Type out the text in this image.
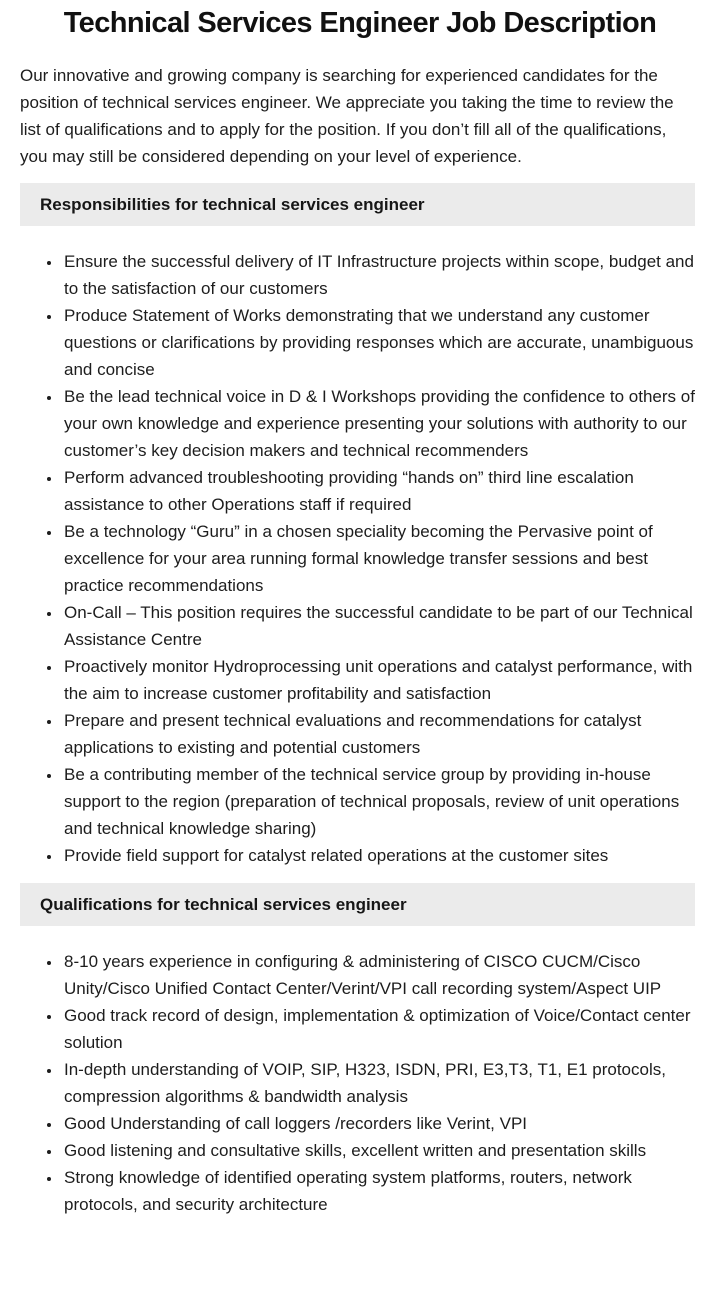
Technical Services Engineer Job Description

Our innovative and growing company is searching for experienced candidates for the position of technical services engineer. We appreciate you taking the time to review the list of qualifications and to apply for the position. If you don’t fill all of the qualifications, you may still be considered depending on your level of experience.

Responsibilities for technical services engineer
• Ensure the successful delivery of IT Infrastructure projects within scope, budget and to the satisfaction of our customers
• Produce Statement of Works demonstrating that we understand any customer questions or clarifications by providing responses which are accurate, unambiguous and concise
• Be the lead technical voice in D & I Workshops providing the confidence to others of your own knowledge and experience presenting your solutions with authority to our customer’s key decision makers and technical recommenders
• Perform advanced troubleshooting providing “hands on” third line escalation assistance to other Operations staff if required
• Be a technology “Guru” in a chosen speciality becoming the Pervasive point of excellence for your area running formal knowledge transfer sessions and best practice recommendations
• On-Call – This position requires the successful candidate to be part of our Technical Assistance Centre
• Proactively monitor Hydroprocessing unit operations and catalyst performance, with the aim to increase customer profitability and satisfaction
• Prepare and present technical evaluations and recommendations for catalyst applications to existing and potential customers
• Be a contributing member of the technical service group by providing in-house support to the region (preparation of technical proposals, review of unit operations and technical knowledge sharing)
• Provide field support for catalyst related operations at the customer sites
Qualifications for technical services engineer
• 8-10 years experience in configuring & administering of CISCO CUCM/Cisco Unity/Cisco Unified Contact Center/Verint/VPI call recording system/Aspect UIP
• Good track record of design, implementation & optimization of Voice/Contact center solution
• In-depth understanding of VOIP, SIP, H323, ISDN, PRI, E3,T3, T1, E1 protocols, compression algorithms & bandwidth analysis
• Good Understanding of call loggers /recorders like Verint, VPI
• Good listening and consultative skills, excellent written and presentation skills
• Strong knowledge of identified operating system platforms, routers, network protocols, and security architecture
